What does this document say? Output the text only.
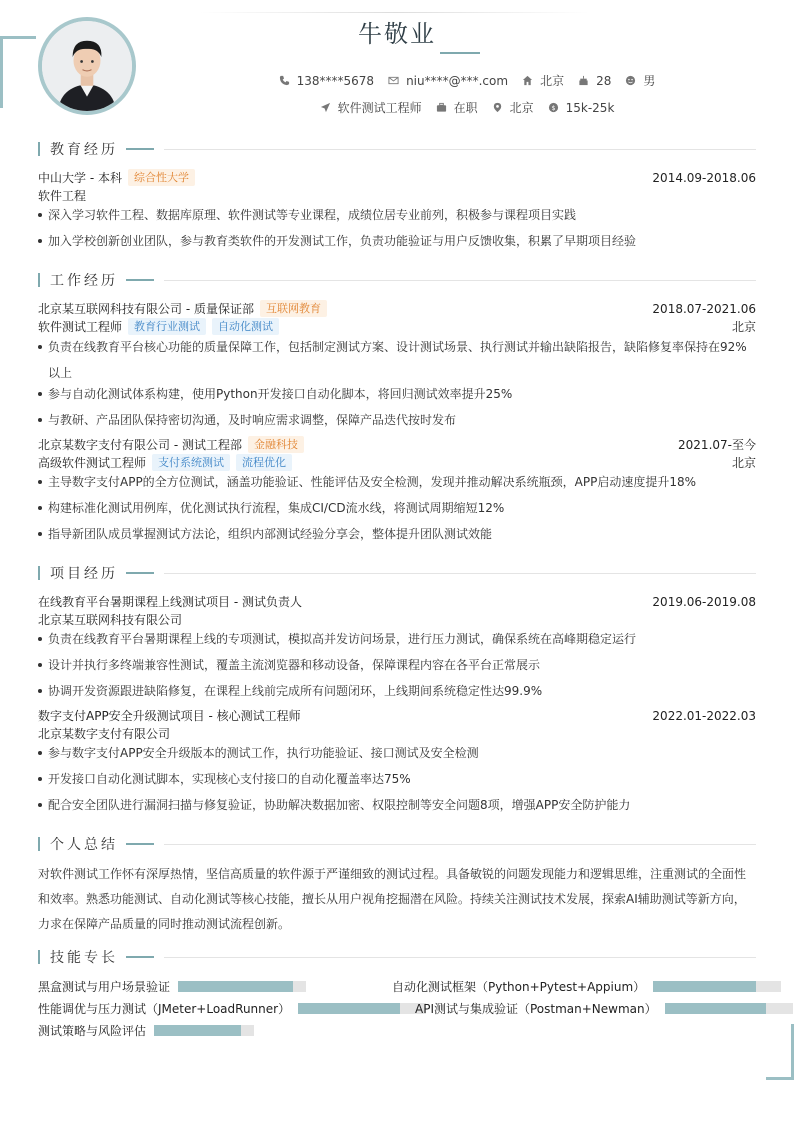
牛敬业
138****5678	niu****@***.com	北京	28	男
软件测试工程师	在职	北京 $ 15k-25k
教育经历
中山大学 - 本科	综合性大学	2014.09-2018.06
软件工程
深入学习软件工程、数据库原理、软件测试等专业课程，成绩位居专业前列，积极参与课程项目实践
加入学校创新创业团队，参与教育类软件的开发测试工作，负责功能验证与用户反馈收集，积累了早期项目经验
工作经历
北京某互联网科技有限公司 - 质量保证部	互联网教育	2018.07-2021.06
软件测试工程师	教育行业测试	自动化测试	北京
负责在线教育平台核心功能的质量保障工作，包括制定测试方案、设计测试场景、执行测试并输出缺陷报告，缺陷修复率保持在92%以上
参与自动化测试体系构建，使用Python开发接口自动化脚本，将回归测试效率提升25%
与教研、产品团队保持密切沟通，及时响应需求调整，保障产品迭代按时发布
北京某数字支付有限公司 - 测试工程部	金融科技	2021.07-至今
高级软件测试工程师	支付系统测试	流程优化	北京
主导数字支付APP的全方位测试，涵盖功能验证、性能评估及安全检测，发现并推动解决系统瓶颈，APP启动速度提升18%
构建标准化测试用例库，优化测试执行流程，集成CI/CD流水线，将测试周期缩短12%
指导新团队成员掌握测试方法论，组织内部测试经验分享会，整体提升团队测试效能
项目经历
在线教育平台暑期课程上线测试项目 - 测试负责人	2019.06-2019.08
北京某互联网科技有限公司
负责在线教育平台暑期课程上线的专项测试，模拟高并发访问场景，进行压力测试，确保系统在高峰期稳定运行
设计并执行多终端兼容性测试，覆盖主流浏览器和移动设备，保障课程内容在各平台正常展示
协调开发资源跟进缺陷修复，在课程上线前完成所有问题闭环，上线期间系统稳定性达99.9%
数字支付APP安全升级测试项目 - 核心测试工程师	2022.01-2022.03
北京某数字支付有限公司
参与数字支付APP安全升级版本的测试工作，执行功能验证、接口测试及安全检测
开发接口自动化测试脚本，实现核心支付接口的自动化覆盖率达75%
配合安全团队进行漏洞扫描与修复验证，协助解决数据加密、权限控制等安全问题8项，增强APP安全防护能力
个人总结
对软件测试工作怀有深厚热情，坚信高质量的软件源于严谨细致的测试过程。具备敏锐的问题发现能力和逻辑思维，注重测试的全面性和效率。熟悉功能测试、自动化测试等核心技能，擅长从用户视角挖掘潜在风险。持续关注测试技术发展，探索AI辅助测试等新方向，力求在保障产品质量的同时推动测试流程创新。
技能专长
黑盒测试与用户场景验证	自动化测试框架（Python+Pytest+Appium）
性能调优与压力测试（JMeter+LoadRunner）	API测试与集成验证（Postman+Newman）
测试策略与风险评估
